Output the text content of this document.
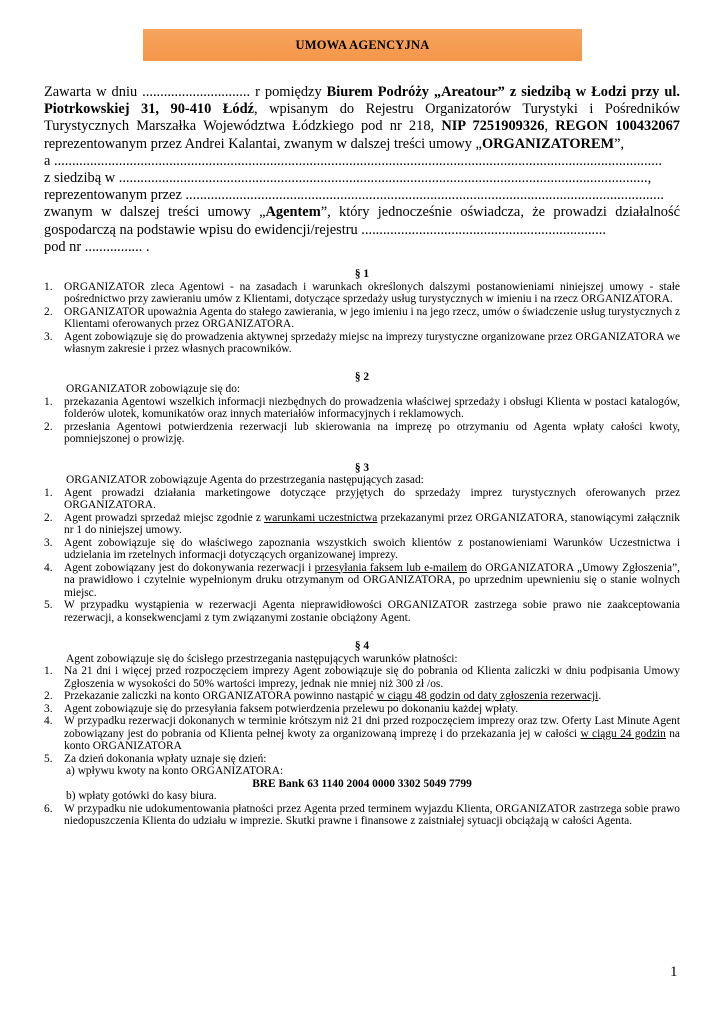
UMOWA AGENCYJNA

Zawarta w dniu .............................. r pomiędzy Biurem Podróży „Areatour” z siedzibą w Łodzi przy ul. Piotrkowskiej 31, 90-410 Łódź, wpisanym do Rejestru Organizatorów Turystyki i Pośredników Turystycznych Marszałka Województwa Łódzkiego pod nr 218, NIP 7251909326, REGON 100432067 reprezentowanym przez Andrei Kalantai, zwanym w dalszej treści umowy „ORGANIZATOREM”,

a .........................................................................................................................................................................
z siedzibą w ...................................................................................................................................................,
reprezentowanym przez .....................................................................................................................................

zwanym w dalszej treści umowy „Agentem”, który jednocześnie oświadcza, że prowadzi działalność gospodarczą na podstawie wpisu do ewidencji/rejestru ....................................................................

pod nr ................ .

§ 1

1. ORGANIZATOR zleca Agentowi - na zasadach i warunkach określonych dalszymi postanowieniami niniejszej umowy - stałe pośrednictwo przy zawieraniu umów z Klientami, dotyczące sprzedaży usług turystycznych w imieniu i na rzecz ORGANIZATORA.
2. ORGANIZATOR upoważnia Agenta do stałego zawierania, w jego imieniu i na jego rzecz, umów o świadczenie usług turystycznych z Klientami oferowanych przez ORGANIZATORA.
3. Agent zobowiązuje się do prowadzenia aktywnej sprzedaży miejsc na imprezy turystyczne organizowane przez ORGANIZATORA we własnym zakresie i przez własnych pracowników.

§ 2

ORGANIZATOR zobowiązuje się do:

1. przekazania Agentowi wszelkich informacji niezbędnych do prowadzenia właściwej sprzedaży i obsługi Klienta w postaci katalogów, folderów ulotek, komunikatów oraz innych materiałów informacyjnych i reklamowych.
2. przesłania Agentowi potwierdzenia rezerwacji lub skierowania na imprezę po otrzymaniu od Agenta wpłaty całości kwoty, pomniejszonej o prowizję.

§ 3

ORGANIZATOR zobowiązuje Agenta do przestrzegania następujących zasad:

1. Agent prowadzi działania marketingowe dotyczące przyjętych do sprzedaży imprez turystycznych oferowanych przez ORGANIZATORA.
2. Agent prowadzi sprzedaż miejsc zgodnie z warunkami uczestnictwa przekazanymi przez ORGANIZATORA, stanowiącymi załącznik nr 1 do niniejszej umowy.
3. Agent zobowiązuje się do właściwego zapoznania wszystkich swoich klientów z postanowieniami Warunków Uczestnictwa i udzielania im rzetelnych informacji dotyczących organizowanej imprezy.
4. Agent zobowiązany jest do dokonywania rezerwacji i przesyłania faksem lub e-mailem do ORGANIZATORA „Umowy Zgłoszenia”, na prawidłowo i czytelnie wypełnionym druku otrzymanym od ORGANIZATORA, po uprzednim upewnieniu się o stanie wolnych miejsc.
5. W przypadku wystąpienia w rezerwacji Agenta nieprawidłowości ORGANIZATOR zastrzega sobie prawo nie zaakceptowania rezerwacji, a konsekwencjami z tym związanymi zostanie obciążony Agent.

§ 4

Agent zobowiązuje się do ścisłego przestrzegania następujących warunków płatności:

1. Na 21 dni i więcej przed rozpoczęciem imprezy Agent zobowiązuje się do pobrania od Klienta zaliczki w dniu podpisania Umowy Zgłoszenia w wysokości do 50% wartości imprezy, jednak nie mniej niż 300 zł /os.
2. Przekazanie zaliczki na konto ORGANIZATORA powinno nastąpić w ciągu 48 godzin od daty zgłoszenia rezerwacji.
3. Agent zobowiązuje się do przesyłania faksem potwierdzenia przelewu po dokonaniu każdej wpłaty.
4. W przypadku rezerwacji dokonanych w terminie krótszym niż 21 dni przed rozpoczęciem imprezy oraz tzw. Oferty Last Minute Agent zobowiązany jest do pobrania od Klienta pełnej kwoty za organizowaną imprezę i do przekazania jej w całości w ciągu 24 godzin na konto ORGANIZATORA
5. Za dzień dokonania wpłaty uznaje się dzień:

a) wpływu kwoty na konto ORGANIZATORA:

BRE Bank 63 1140 2004 0000 3302 5049 7799

b) wpłaty gotówki do kasy biura.

6. W przypadku nie udokumentowania płatności przez Agenta przed terminem wyjazdu Klienta, ORGANIZATOR zastrzega sobie prawo niedopuszczenia Klienta do udziału w imprezie. Skutki prawne i finansowe z zaistniałej sytuacji obciążają w całości Agenta.
1
